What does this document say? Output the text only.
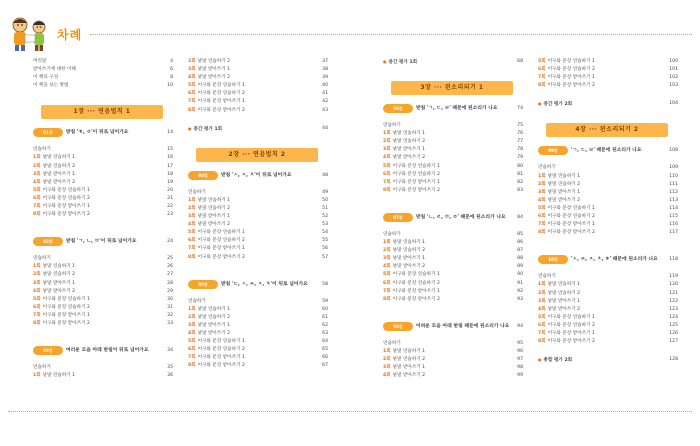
차례
머리말	4
받아쓰기에 대한 이해	6
이 책의 구성	8
이 책을 보는 방법	10
1장 ··· 연음법칙 1
01강	받침 'ㅎ, ㅇ'이 뒤로 넘어가요	14
연습하기	15
1회 낱말 연습하기 1	16
2회 낱말 연습하기 2	17
3회 낱말 받아쓰기 1	18
4회 낱말 받아쓰기 2	19
5회 어구와 문장 연습하기 1	20
6회 어구와 문장 연습하기 2	21
7회 어구와 문장 받아쓰기 1	22
8회 어구와 문장 받아쓰기 2	23
02강	받침 'ㄱ, ㄴ, ㅁ'이 뒤로 넘어가요	24
연습하기	25
1회 낱말 연습하기 1	26
2회 낱말 연습하기 2	27
3회 낱말 받아쓰기 1	28
4회 낱말 받아쓰기 2	29
5회 어구와 문장 연습하기 1	30
6회 어구와 문장 연습하기 2	31
7회 어구와 문장 받아쓰기 1	32
8회 어구와 문장 받아쓰기 2	33
03강	여러운 모음 아래 받침이 뒤로 넘어가요	34
연습하기	35
1회 낱말 연습하기 1	36
2회 낱말 연습하기 2	37
3회 낱말 받아쓰기 1	38
4회 낱말 받아쓰기 2	39
5회 어구와 문장 연습하기 1	40
6회 어구와 문장 연습하기 2	41
7회 어구와 문장 받아쓰기 1	42
8회 어구와 문장 받아쓰기 2	43
● 중간 평가 1회	44
2장 ··· 연음법칙 2
04강	받침 'ㅅ, ㅈ, ㅊ'이 뒤로 넘어가요	48
연습하기	49
1회 낱말 연습하기 1	50
2회 낱말 연습하기 2	51
3회 낱말 받아쓰기 1	52
4회 낱말 받아쓰기 2	53
5회 어구와 문장 연습하기 1	54
6회 어구와 문장 연습하기 2	55
7회 어구와 문장 받아쓰기 1	56
8회 어구와 문장 받아쓰기 2	57
05강	받침 'ㄷ, ㅅ, ㅆ, ㅈ, ㅊ'이 뒤로 넘어가요	58
연습하기	59
1회 낱말 연습하기 1	60
2회 낱말 연습하기 2	61
3회 낱말 받아쓰기 1	62
4회 낱말 받아쓰기 2	63
5회 어구와 문장 연습하기 1	64
6회 어구와 문장 연습하기 2	65
7회 어구와 문장 받아쓰기 1	66
8회 어구와 문장 받아쓰기 2	67
● 중간 평가 1회	68
3장 ··· 된소리되기 1
06강	받침 'ㄱ, ㄷ, ㅂ' 때문에 된소리가 나요	74
연습하기	75
1회 낱말 연습하기 1	76
2회 낱말 연습하기 2	77
3회 낱말 받아쓰기 1	78
4회 낱말 받아쓰기 2	79
5회 어구와 문장 연습하기 1	80
6회 어구와 문장 연습하기 2	81
7회 어구와 문장 받아쓰기 1	82
8회 어구와 문장 받아쓰기 2	83
07강	받침 'ㄴ, ㄹ, ㅁ, ㅇ' 때문에 된소리가 나요	84
연습하기	85
1회 낱말 연습하기 1	86
2회 낱말 연습하기 2	87
3회 낱말 받아쓰기 1	88
4회 낱말 받아쓰기 2	89
5회 어구와 문장 연습하기 1	90
6회 어구와 문장 연습하기 2	91
7회 어구와 문장 받아쓰기 1	92
8회 어구와 문장 받아쓰기 2	93
08강	어려운 모음 아래 받침 때문에 된소리가 나요 94
연습하기	95
1회 낱말 연습하기 1	96
2회 낱말 연습하기 2	97
3회 낱말 받아쓰기 1	98
4회 낱말 받아쓰기 2	99
5회 어구와 문장 연습하기 1	100
6회 어구와 문장 연습하기 2	101
7회 어구와 문장 받아쓰기 1	102
8회 어구와 문장 받아쓰기 2	103
● 중간 평가 2회	104
4장 ··· 된소리되기 2
09강	'ㄱ, ㄷ, ㅂ' 때문에 된소리가 나요	108
연습하기	109
1회 낱말 연습하기 1	110
2회 낱말 연습하기 2	111
3회 낱말 받아쓰기 1	112
4회 낱말 받아쓰기 2	113
5회 어구와 문장 연습하기 1	114
6회 어구와 문장 연습하기 2	115
7회 어구와 문장 받아쓰기 1	116
8회 어구와 문장 받아쓰기 2	117
10강	'ㅅ, ㅆ, ㅈ, ㅊ, ㅎ' 때문에 된소리가 나요 118
연습하기	119
1회 낱말 연습하기 1	120
2회 낱말 연습하기 2	121
3회 낱말 받아쓰기 1	122
4회 낱말 받아쓰기 2	123
5회 어구와 문장 연습하기 1	124
6회 어구와 문장 연습하기 2	125
7회 어구와 문장 받아쓰기 1	126
8회 어구와 문장 받아쓰기 2	127
● 총합 평가 2회	128
